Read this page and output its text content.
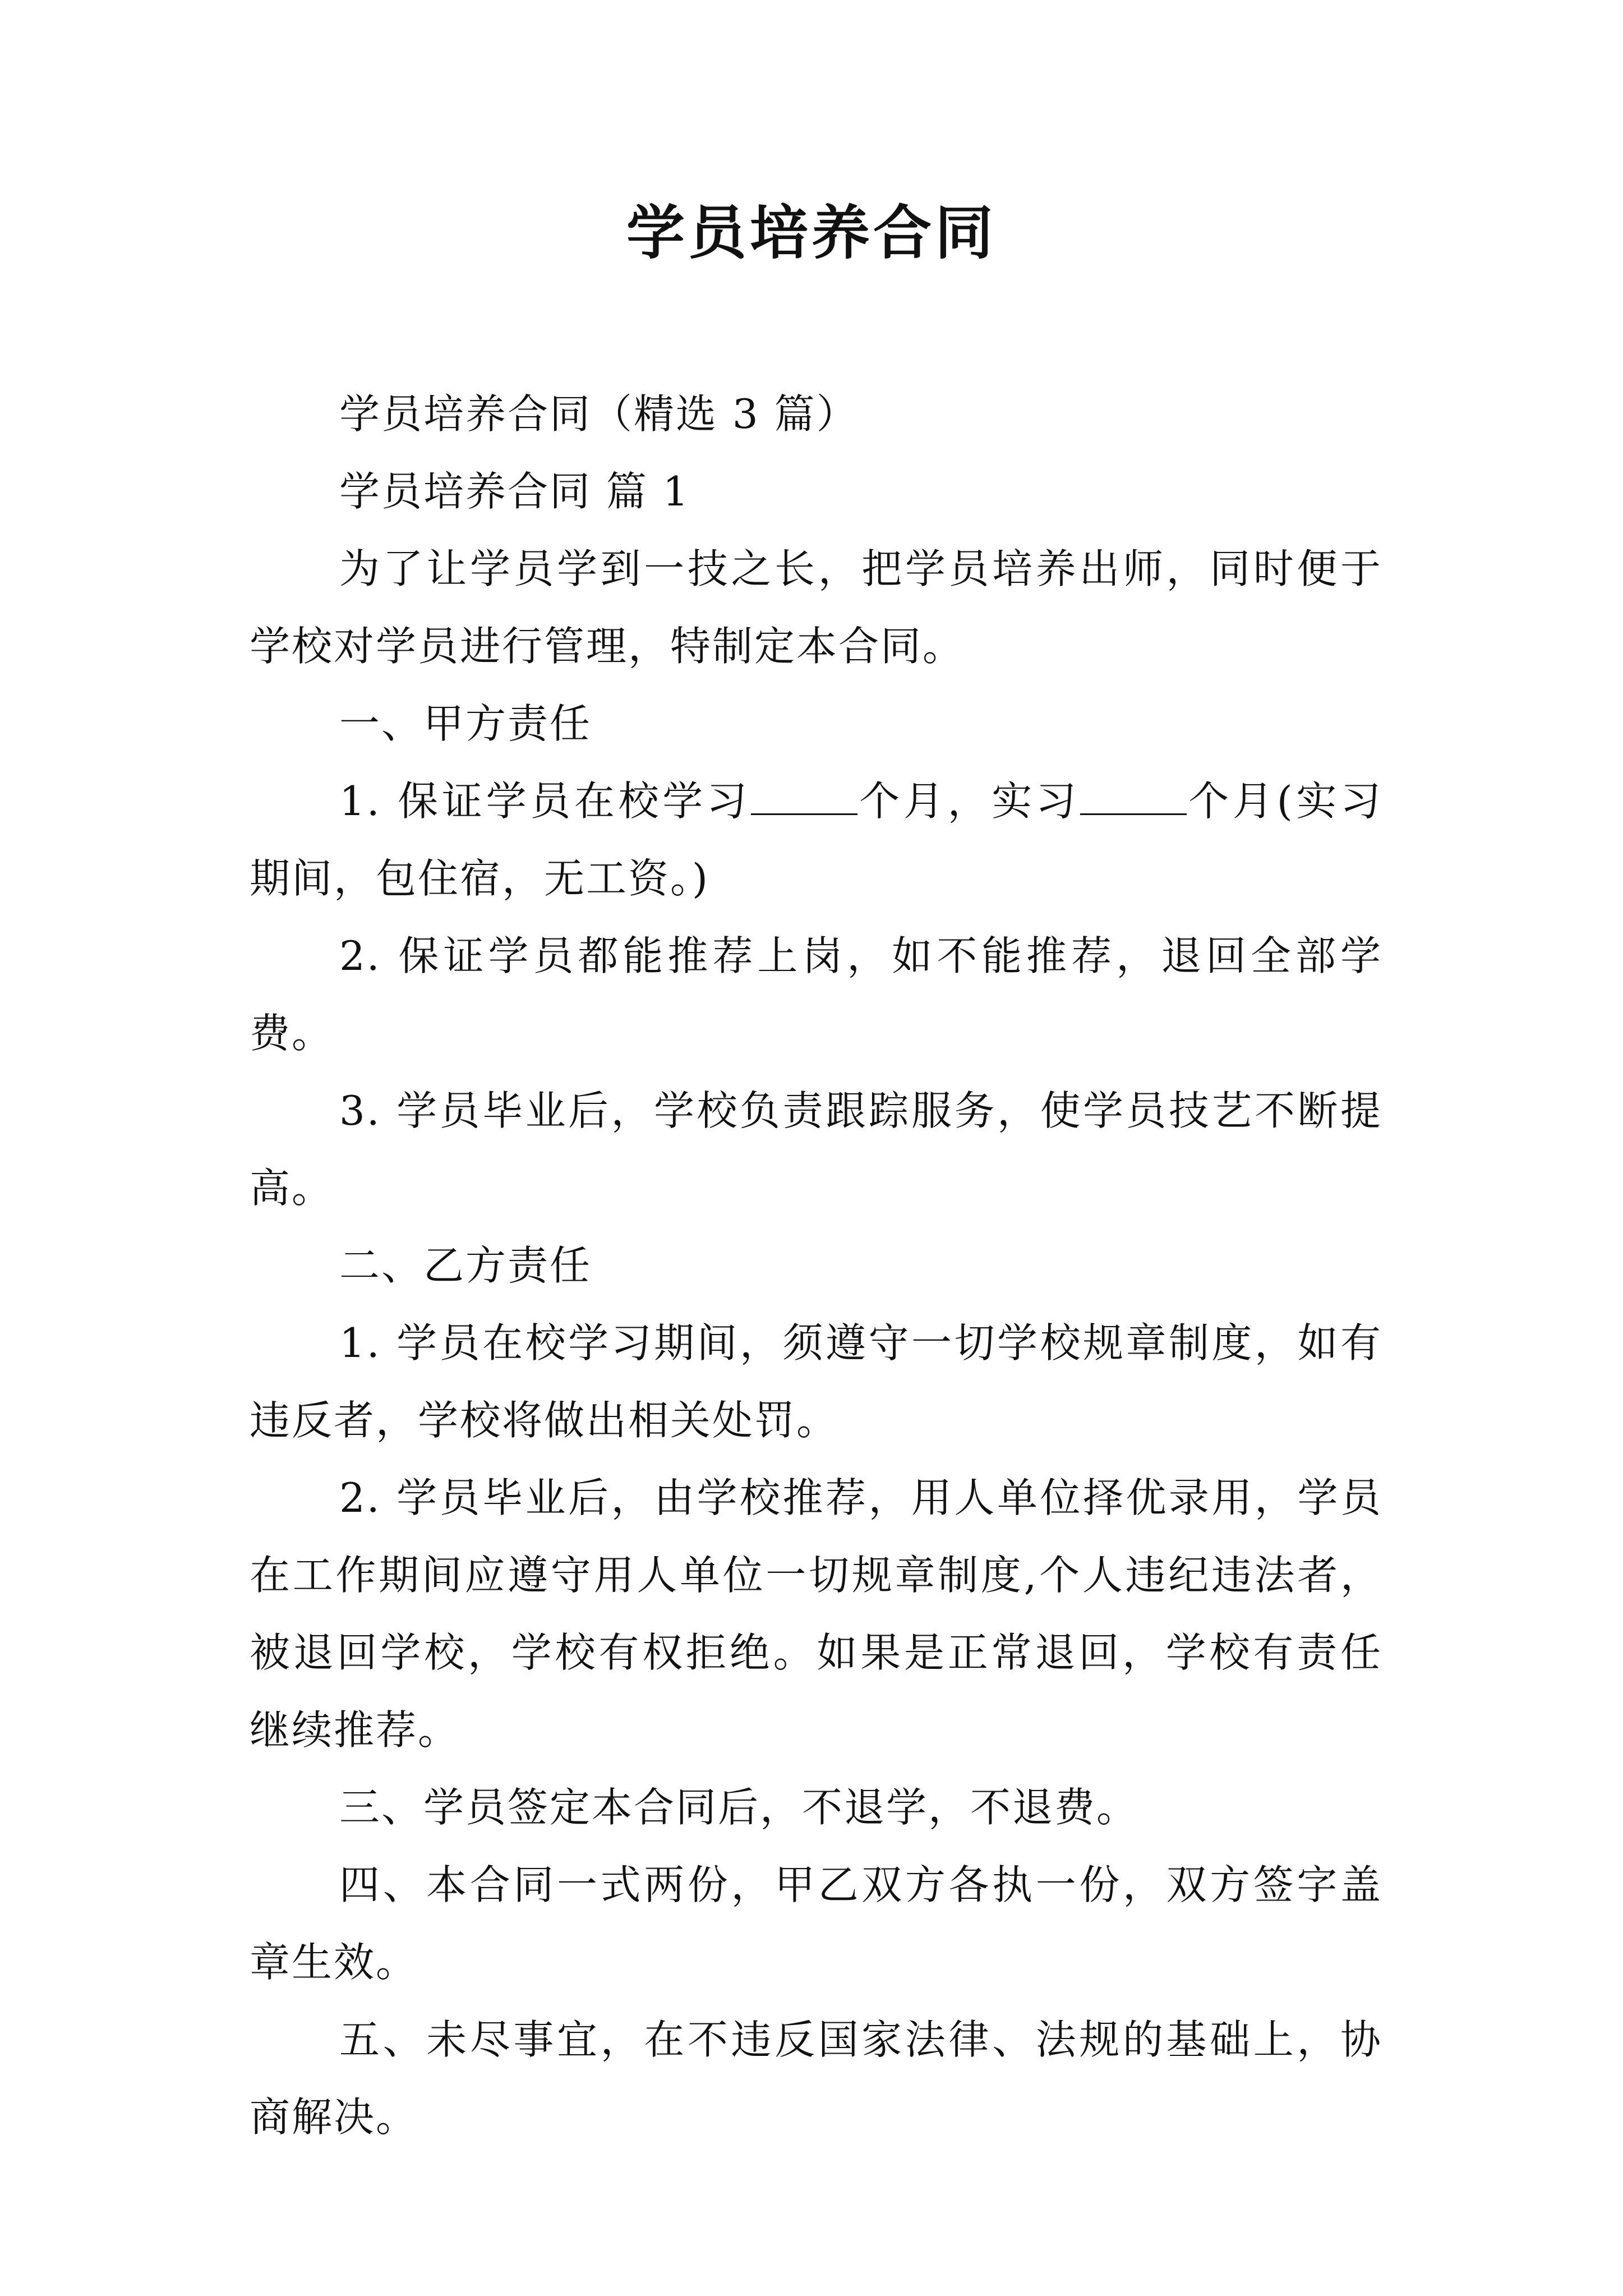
学员培养合同

学员培养合同（精选 3 篇）

学员培养合同 篇 1

为了让学员学到一技之长，把学员培养出师，同时便于学校对学员进行管理，特制定本合同。

一、甲方责任

1. 保证学员在校学习	个月，实习	个月(实习期间，包住宿，无工资。)

2. 保证学员都能推荐上岗，如不能推荐，退回全部学费。

3. 学员毕业后，学校负责跟踪服务，使学员技艺不断提高。

二、乙方责任

1. 学员在校学习期间，须遵守一切学校规章制度，如有违反者，学校将做出相关处罚。

2. 学员毕业后，由学校推荐，用人单位择优录用，学员在工作期间应遵守用人单位一切规章制度,个人违纪违法者，被退回学校，学校有权拒绝。如果是正常退回，学校有责任继续推荐。

三、学员签定本合同后，不退学，不退费。

四、本合同一式两份，甲乙双方各执一份，双方签字盖章生效。

五、未尽事宜，在不违反国家法律、法规的基础上，协商解决。
